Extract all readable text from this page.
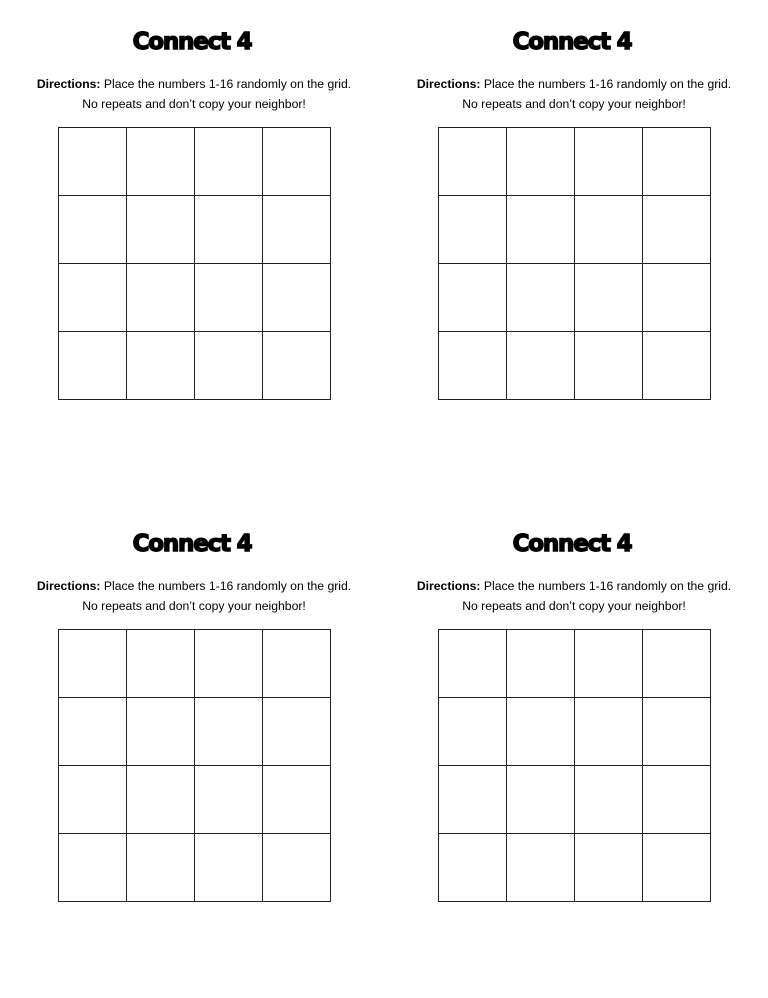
Connect 4
Directions: Place the numbers 1-16 randomly on the grid.
No repeats and don’t copy your neighbor!
Connect 4
Directions: Place the numbers 1-16 randomly on the grid.
No repeats and don’t copy your neighbor!
Connect 4
Directions: Place the numbers 1-16 randomly on the grid.
No repeats and don’t copy your neighbor!
Connect 4
Directions: Place the numbers 1-16 randomly on the grid.
No repeats and don’t copy your neighbor!
